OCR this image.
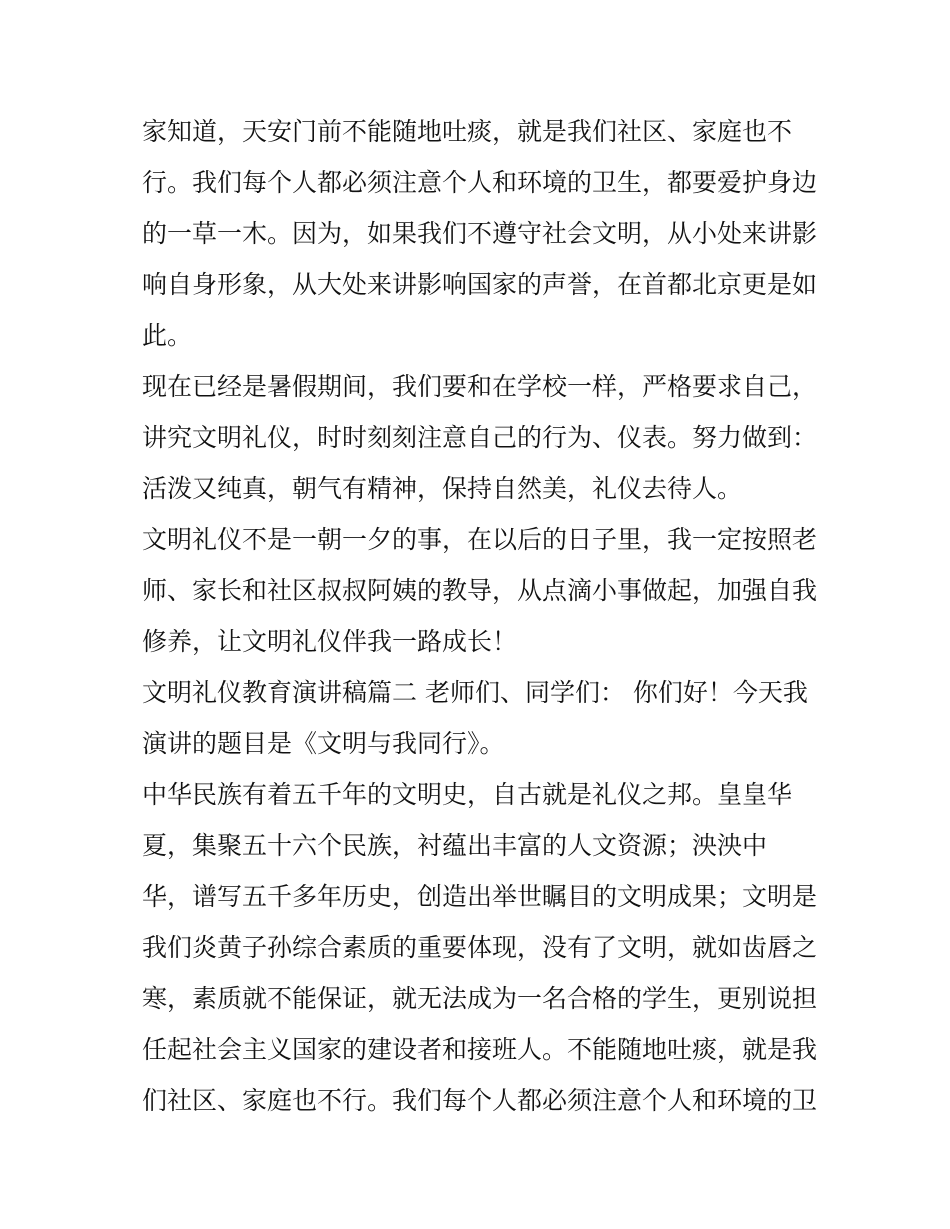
家知道，天安门前不能随地吐痰，就是我们社区、家庭也不
行。我们每个人都必须注意个人和环境的卫生，都要爱护身边
的一草一木。因为，如果我们不遵守社会文明，从小处来讲影
响自身形象，从大处来讲影响国家的声誉，在首都北京更是如
此。
现在已经是暑假期间，我们要和在学校一样，严格要求自己，
讲究文明礼仪，时时刻刻注意自己的行为、仪表。努力做到：
活泼又纯真，朝气有精神，保持自然美，礼仪去待人。
文明礼仪不是一朝一夕的事，在以后的日子里，我一定按照老
师、家长和社区叔叔阿姨的教导，从点滴小事做起，加强自我
修养，让文明礼仪伴我一路成长！
文明礼仪教育演讲稿篇二 老师们、同学们： 你们好！今天我
演讲的题目是《文明与我同行》。
中华民族有着五千年的文明史，自古就是礼仪之邦。皇皇华
夏，集聚五十六个民族，衬蕴出丰富的人文资源；泱泱中
华，谱写五千多年历史，创造出举世瞩目的文明成果；文明是
我们炎黄子孙综合素质的重要体现，没有了文明，就如齿唇之
寒，素质就不能保证，就无法成为一名合格的学生，更别说担
任起社会主义国家的建设者和接班人。不能随地吐痰，就是我
们社区、家庭也不行。我们每个人都必须注意个人和环境的卫
